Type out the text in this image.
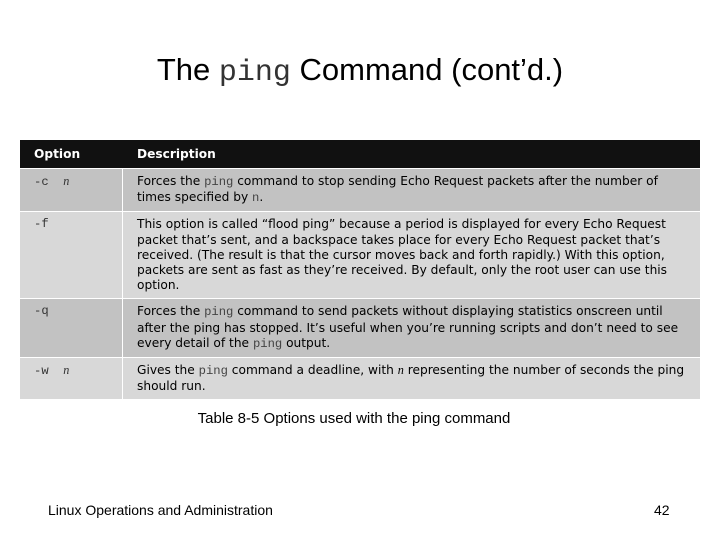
The ping Command (cont’d.)
Option	Description
-c n	Forces the ping command to stop sending Echo Request packets after the number of times specified by n.
-f	This option is called “flood ping” because a period is displayed for every Echo Request packet that’s sent, and a backspace takes place for every Echo Request packet that’s received. (The result is that the cursor moves back and forth rapidly.) With this option, packets are sent as fast as they’re received. By default, only the root user can use this option.
-q	Forces the ping command to send packets without displaying statistics onscreen until after the ping has stopped. It’s useful when you’re running scripts and don’t need to see every detail of the ping output.
-w n	Gives the ping command a deadline, with n representing the number of seconds the ping should run.
Table 8-5 Options used with the ping command
Linux Operations and Administration	42
